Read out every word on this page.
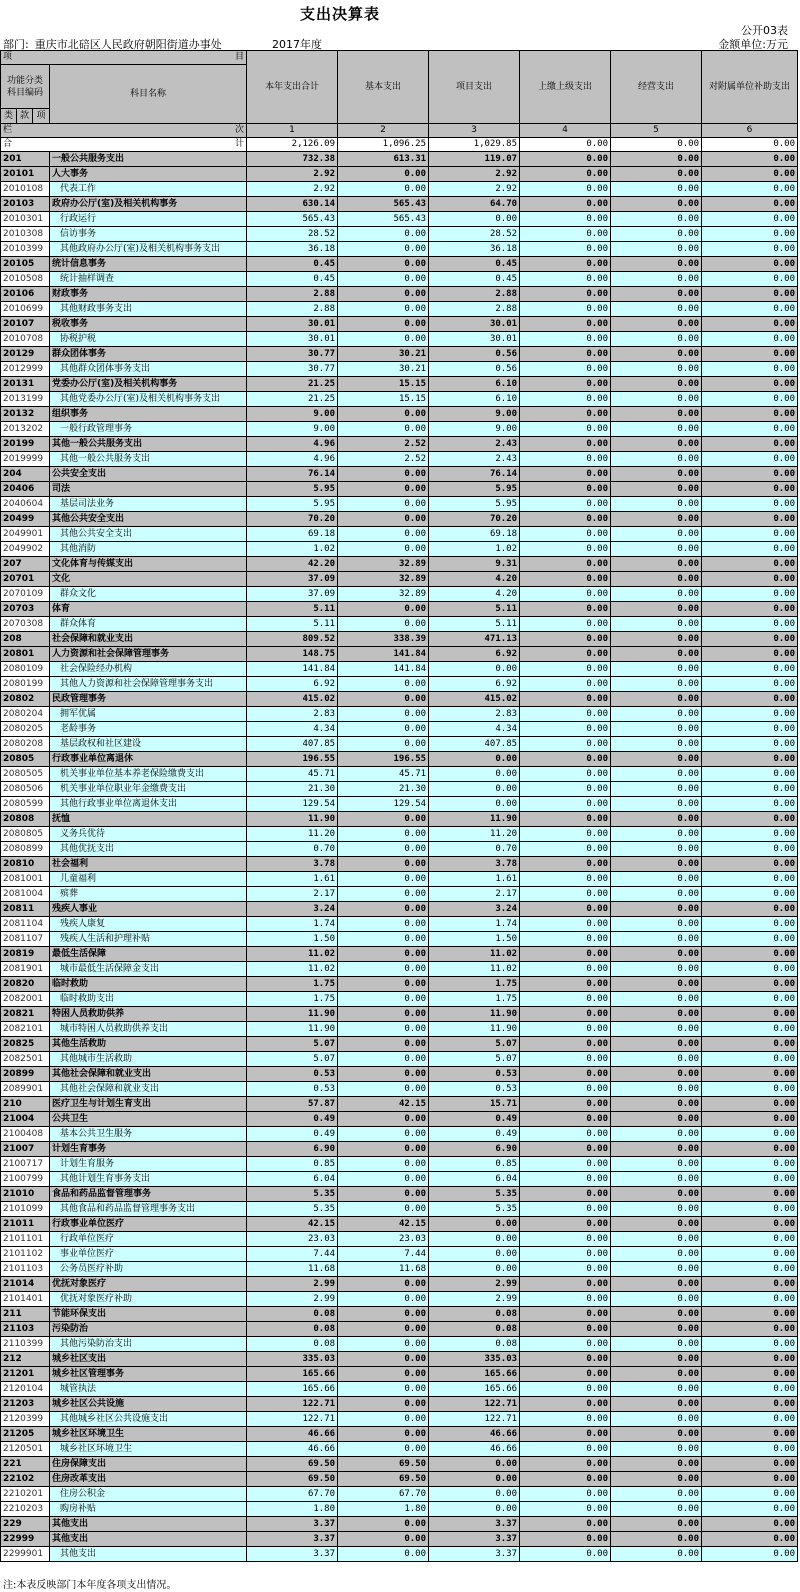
支出决算表
公开03表
部门: 重庆市北碚区人民政府朝阳街道办事处	2017年度	金额单位:万元
项 目				本年支出合计	基本支出	项目支出	上缴上级支出	经营支出	对附属单位补助支出
功能分类科目编码			科目名称						
类	款	项							
栏 次				1	2	3	4	5	6
合 计				2,126.09	1,096.25	1,029.85	0.00	0.00	0.00
201			一般公共服务支出	732.38	613.31	119.07	0.00	0.00	0.00
20101			人大事务	2.92	0.00	2.92	0.00	0.00	0.00
2010108			代表工作	2.92	0.00	2.92	0.00	0.00	0.00
20103			政府办公厅(室)及相关机构事务	630.14	565.43	64.70	0.00	0.00	0.00
2010301			行政运行	565.43	565.43	0.00	0.00	0.00	0.00
2010308			信访事务	28.52	0.00	28.52	0.00	0.00	0.00
2010399			其他政府办公厅(室)及相关机构事务支出	36.18	0.00	36.18	0.00	0.00	0.00
20105			统计信息事务	0.45	0.00	0.45	0.00	0.00	0.00
2010508			统计抽样调查	0.45	0.00	0.45	0.00	0.00	0.00
20106			财政事务	2.88	0.00	2.88	0.00	0.00	0.00
2010699			其他财政事务支出	2.88	0.00	2.88	0.00	0.00	0.00
20107			税收事务	30.01	0.00	30.01	0.00	0.00	0.00
2010708			协税护税	30.01	0.00	30.01	0.00	0.00	0.00
20129			群众团体事务	30.77	30.21	0.56	0.00	0.00	0.00
2012999			其他群众团体事务支出	30.77	30.21	0.56	0.00	0.00	0.00
20131			党委办公厅(室)及相关机构事务	21.25	15.15	6.10	0.00	0.00	0.00
2013199			其他党委办公厅(室)及相关机构事务支出	21.25	15.15	6.10	0.00	0.00	0.00
20132			组织事务	9.00	0.00	9.00	0.00	0.00	0.00
2013202			一般行政管理事务	9.00	0.00	9.00	0.00	0.00	0.00
20199			其他一般公共服务支出	4.96	2.52	2.43	0.00	0.00	0.00
2019999			其他一般公共服务支出	4.96	2.52	2.43	0.00	0.00	0.00
204			公共安全支出	76.14	0.00	76.14	0.00	0.00	0.00
20406			司法	5.95	0.00	5.95	0.00	0.00	0.00
2040604			基层司法业务	5.95	0.00	5.95	0.00	0.00	0.00
20499			其他公共安全支出	70.20	0.00	70.20	0.00	0.00	0.00
2049901			其他公共安全支出	69.18	0.00	69.18	0.00	0.00	0.00
2049902			其他消防	1.02	0.00	1.02	0.00	0.00	0.00
207			文化体育与传媒支出	42.20	32.89	9.31	0.00	0.00	0.00
20701			文化	37.09	32.89	4.20	0.00	0.00	0.00
2070109			群众文化	37.09	32.89	4.20	0.00	0.00	0.00
20703			体育	5.11	0.00	5.11	0.00	0.00	0.00
2070308			群众体育	5.11	0.00	5.11	0.00	0.00	0.00
208			社会保障和就业支出	809.52	338.39	471.13	0.00	0.00	0.00
20801			人力资源和社会保障管理事务	148.75	141.84	6.92	0.00	0.00	0.00
2080109			社会保险经办机构	141.84	141.84	0.00	0.00	0.00	0.00
2080199			其他人力资源和社会保障管理事务支出	6.92	0.00	6.92	0.00	0.00	0.00
20802			民政管理事务	415.02	0.00	415.02	0.00	0.00	0.00
2080204			拥军优属	2.83	0.00	2.83	0.00	0.00	0.00
2080205			老龄事务	4.34	0.00	4.34	0.00	0.00	0.00
2080208			基层政权和社区建设	407.85	0.00	407.85	0.00	0.00	0.00
20805			行政事业单位离退休	196.55	196.55	0.00	0.00	0.00	0.00
2080505			机关事业单位基本养老保险缴费支出	45.71	45.71	0.00	0.00	0.00	0.00
2080506			机关事业单位职业年金缴费支出	21.30	21.30	0.00	0.00	0.00	0.00
2080599			其他行政事业单位离退休支出	129.54	129.54	0.00	0.00	0.00	0.00
20808			抚恤	11.90	0.00	11.90	0.00	0.00	0.00
2080805			义务兵优待	11.20	0.00	11.20	0.00	0.00	0.00
2080899			其他优抚支出	0.70	0.00	0.70	0.00	0.00	0.00
20810			社会福利	3.78	0.00	3.78	0.00	0.00	0.00
2081001			儿童福利	1.61	0.00	1.61	0.00	0.00	0.00
2081004			殡葬	2.17	0.00	2.17	0.00	0.00	0.00
20811			残疾人事业	3.24	0.00	3.24	0.00	0.00	0.00
2081104			残疾人康复	1.74	0.00	1.74	0.00	0.00	0.00
2081107			残疾人生活和护理补贴	1.50	0.00	1.50	0.00	0.00	0.00
20819			最低生活保障	11.02	0.00	11.02	0.00	0.00	0.00
2081901			城市最低生活保障金支出	11.02	0.00	11.02	0.00	0.00	0.00
20820			临时救助	1.75	0.00	1.75	0.00	0.00	0.00
2082001			临时救助支出	1.75	0.00	1.75	0.00	0.00	0.00
20821			特困人员救助供养	11.90	0.00	11.90	0.00	0.00	0.00
2082101			城市特困人员救助供养支出	11.90	0.00	11.90	0.00	0.00	0.00
20825			其他生活救助	5.07	0.00	5.07	0.00	0.00	0.00
2082501			其他城市生活救助	5.07	0.00	5.07	0.00	0.00	0.00
20899			其他社会保障和就业支出	0.53	0.00	0.53	0.00	0.00	0.00
2089901			其他社会保障和就业支出	0.53	0.00	0.53	0.00	0.00	0.00
210			医疗卫生与计划生育支出	57.87	42.15	15.71	0.00	0.00	0.00
21004			公共卫生	0.49	0.00	0.49	0.00	0.00	0.00
2100408			基本公共卫生服务	0.49	0.00	0.49	0.00	0.00	0.00
21007			计划生育事务	6.90	0.00	6.90	0.00	0.00	0.00
2100717			计划生育服务	0.85	0.00	0.85	0.00	0.00	0.00
2100799			其他计划生育事务支出	6.04	0.00	6.04	0.00	0.00	0.00
21010			食品和药品监督管理事务	5.35	0.00	5.35	0.00	0.00	0.00
2101099			其他食品和药品监督管理事务支出	5.35	0.00	5.35	0.00	0.00	0.00
21011			行政事业单位医疗	42.15	42.15	0.00	0.00	0.00	0.00
2101101			行政单位医疗	23.03	23.03	0.00	0.00	0.00	0.00
2101102			事业单位医疗	7.44	7.44	0.00	0.00	0.00	0.00
2101103			公务员医疗补助	11.68	11.68	0.00	0.00	0.00	0.00
21014			优抚对象医疗	2.99	0.00	2.99	0.00	0.00	0.00
2101401			优抚对象医疗补助	2.99	0.00	2.99	0.00	0.00	0.00
211			节能环保支出	0.08	0.00	0.08	0.00	0.00	0.00
21103			污染防治	0.08	0.00	0.08	0.00	0.00	0.00
2110399			其他污染防治支出	0.08	0.00	0.08	0.00	0.00	0.00
212			城乡社区支出	335.03	0.00	335.03	0.00	0.00	0.00
21201			城乡社区管理事务	165.66	0.00	165.66	0.00	0.00	0.00
2120104			城管执法	165.66	0.00	165.66	0.00	0.00	0.00
21203			城乡社区公共设施	122.71	0.00	122.71	0.00	0.00	0.00
2120399			其他城乡社区公共设施支出	122.71	0.00	122.71	0.00	0.00	0.00
21205			城乡社区环境卫生	46.66	0.00	46.66	0.00	0.00	0.00
2120501			城乡社区环境卫生	46.66	0.00	46.66	0.00	0.00	0.00
221			住房保障支出	69.50	69.50	0.00	0.00	0.00	0.00
22102			住房改革支出	69.50	69.50	0.00	0.00	0.00	0.00
2210201			住房公积金	67.70	67.70	0.00	0.00	0.00	0.00
2210203			购房补贴	1.80	1.80	0.00	0.00	0.00	0.00
229			其他支出	3.37	0.00	3.37	0.00	0.00	0.00
22999			其他支出	3.37	0.00	3.37	0.00	0.00	0.00
2299901			其他支出	3.37	0.00	3.37	0.00	0.00	0.00
注:本表反映部门本年度各项支出情况。
